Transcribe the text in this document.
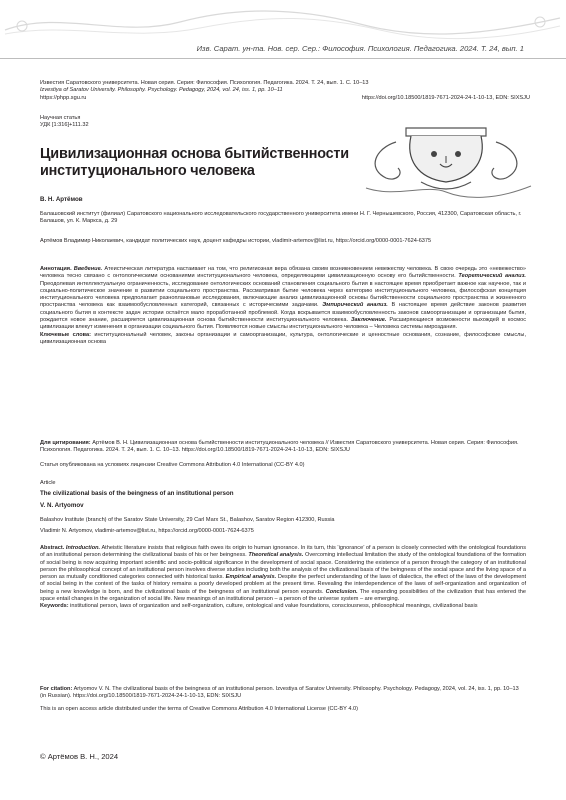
Изв. Сарат. ун-та. Нов. сер. Сер.: Философия. Психология. Педагогика. 2024. Т. 24, вып. 1
Известия Саратовского университета. Новая серия. Серия: Философия. Психология. Педагогика. 2024. Т. 24, вып. 1. С. 10–13
Izvestiya of Saratov University. Philosophy. Psychology. Pedagogy, 2024, vol. 24, iss. 1, pp. 10–11
https://phpp.sgu.ru	https://doi.org/10.18500/1819-7671-2024-24-1-10-13, EDN: SIXSJU
Научная статья
УДК [1:316]+111.32
Цивилизационная основа бытийственности
институционального человека
В. Н. Артёмов
Балашовский институт (филиал) Саратовского национального исследовательского государственного университета имени Н. Г. Чернышевского, Россия, 412300, Саратовская область, г. Балашов, ул. К. Маркса, д. 29
Артёмов Владимир Николаевич, кандидат политических наук, доцент кафедры истории, vladimir-artemov@list.ru, https://orcid.org/0000-0001-7624-6375
Аннотация. Введение. Атеистическая литература настаивает на том, что религиозная вера обязана своим возникновением невежеству человека. В свою очередь это «невежество» человека тесно связано с онтологическими основаниями институционального человека, определяющими цивилизационную основу его бытийственности. Теоретический анализ. Преодолевая интеллектуальную ограниченность, исследование онтологических оснований становления социального бытия в настоящее время приобретает важное как научное, так и социально-политическое значение в развитии социального пространства. Рассматривая бытие человека через категорию институционального человека, философская концепция институционального человека предполагает разноплановые исследования, включающие анализ цивилизационной основы бытийственности социального пространства и жизненного пространства человека как взаимообусловленных категорий, связанных с историческими задачами. Эмпирический анализ. В настоящее время действие законов развития социального бытия в контексте задач истории остаётся мало проработанной проблемой. Когда вскрывается взаимообусловленность законов самоорганизации и организации бытия, рождается новое знание, расширяется цивилизационная основа бытийственности институционального человека. Заключение. Расширяющиеся возможности выхождей в космос цивилизации влекут изменения в организации социального бытия. Появляются новые смыслы институционального человека – Человека системы мироздания.
Ключевые слова: институциональный человек, законы организации и самоорганизации, культура, онтологические и ценностные основания, сознание, философские смыслы, цивилизационная основа
Для цитирования: Артёмов В. Н. Цивилизационная основа бытийственности институционального человека // Известия Саратовского университета. Новая серия. Серия: Философия. Психология. Педагогика. 2024. Т. 24, вып. 1. С. 10–13. https://doi.org/10.18500/1819-7671-2024-24-1-10-13, EDN: SIXSJU
Статья опубликована на условиях лицензии Creative Commons Attribution 4.0 International (CC-BY 4.0)
Article
The civilizational basis of the beingness of an institutional person
V. N. Artyomov
Balashov Institute (branch) of the Saratov State University, 29 Carl Marx St., Balashov, Saratov Region 412300, Russia
Vladimir N. Artyomov, vladimir-artemov@list.ru, https://orcid.org/0000-0001-7624-6375
Abstract. Introduction. Atheistic literature insists that religious faith owes its origin to human ignorance. In its turn, this ‘ignorance’ of a person is closely connected with the ontological foundations of an institutional person determining the civilizational basis of his or her beingness. Theoretical analysis. Overcoming intellectual limitation the study of the ontological foundations of the formation of social being is now acquiring important scientific and socio-political significance in the development of social space. Considering the existence of a person through the category of an institutional person the philosophical concept of an institutional person involves diverse studies including both the analysis of the civilizational basis of the beingness of the social space and the living space of a person as mutually conditioned categories connected with historical tasks. Empirical analysis. Despite the perfect understanding of the laws of dialectics, the effect of the laws of the development of social being in the context of the tasks of history remains a poorly developed problem at the present time. Revealing the interdependence of the laws of self-organization and organization of being a new knowledge is born, and the civilizational basis of the beingness of an institutional person expands. Conclusion. The expanding possibilities of the civilization that has entered the space entail changes in the organization of social life. New meanings of an institutional person – a person of the universe system – are emerging.
Keywords: institutional person, laws of organization and self-organization, culture, ontological and value foundations, consciousness, philosophical meanings, civilizational basis
For citation: Artyomov V. N. The civilizational basis of the beingness of an institutional person. Izvestiya of Saratov University. Philosophy. Psychology. Pedagogy, 2024, vol. 24, iss. 1, pp. 10–13 (in Russian). https://doi.org/10.18500/1819-7671-2024-24-1-10-13, EDN: SIXSJU
This is an open access article distributed under the terms of Creative Commons Attribution 4.0 International License (CC-BY 4.0)
© Артёмов В. Н., 2024
